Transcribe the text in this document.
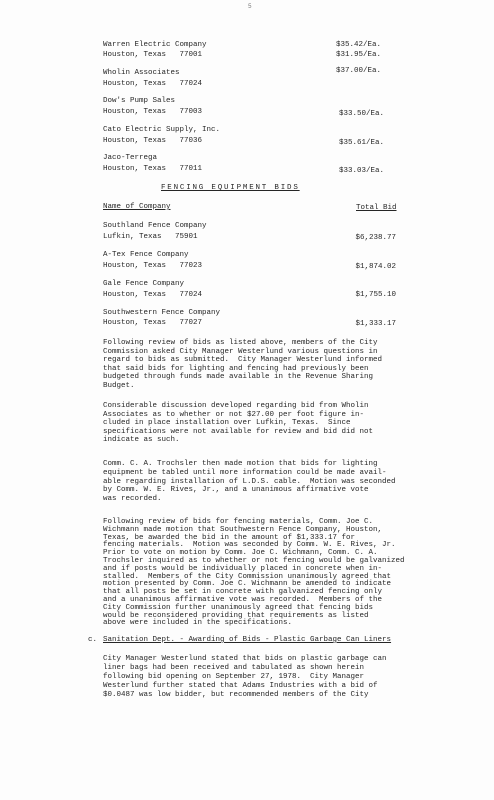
5
Warren Electric Company	$35.42/Ea.
Houston, Texas   77001	$31.95/Ea.
Wholin Associates	$37.00/Ea.
Houston, Texas   77024
Dow's Pump Sales
Houston, Texas   77003	$33.50/Ea.
Cato Electric Supply, Inc.
Houston, Texas   77036	$35.61/Ea.
Jaco-Terrega
Houston, Texas   77011	$33.03/Ea.
FENCING EQUIPMENT BIDS
Name of Company	Total Bid
Southland Fence Company
Lufkin, Texas   75901	$6,238.77
A-Tex Fence Company
Houston, Texas   77023	$1,874.02
Gale Fence Company
Houston, Texas   77024	$1,755.10
Southwestern Fence Company
Houston, Texas   77027	$1,333.17
Following review of bids as listed above, members of the City
Commission asked City Manager Westerlund various questions in
regard to bids as submitted.  City Manager Westerlund informed
that said bids for lighting and fencing had previously been
budgeted through funds made available in the Revenue Sharing
Budget.
Considerable discussion developed regarding bid from Wholin
Associates as to whether or not $27.00 per foot figure in-
cluded in place installation over Lufkin, Texas.  Since
specifications were not available for review and bid did not
indicate as such.
Comm. C. A. Trochsler then made motion that bids for lighting
equipment be tabled until more information could be made avail-
able regarding installation of L.D.S. cable.  Motion was seconded
by Comm. W. E. Rives, Jr., and a unanimous affirmative vote
was recorded.
Following review of bids for fencing materials, Comm. Joe C.
Wichmann made motion that Southwestern Fence Company, Houston,
Texas, be awarded the bid in the amount of $1,333.17 for
fencing materials.  Motion was seconded by Comm. W. E. Rives, Jr.
Prior to vote on motion by Comm. Joe C. Wichmann, Comm. C. A.
Trochsler inquired as to whether or not fencing would be galvanized
and if posts would be individually placed in concrete when in-
stalled.  Members of the City Commission unanimously agreed that
motion presented by Comm. Joe C. Wichmann be amended to indicate
that all posts be set in concrete with galvanized fencing only
and a unanimous affirmative vote was recorded.  Members of the
City Commission further unanimously agreed that fencing bids
would be reconsidered providing that requirements as listed
above were included in the specifications.
c. Sanitation Dept. - Awarding of Bids - Plastic Garbage Can Liners
City Manager Westerlund stated that bids on plastic garbage can
liner bags had been received and tabulated as shown herein
following bid opening on September 27, 1978.  City Manager
Westerlund further stated that Adams Industries with a bid of
$0.0487 was low bidder, but recommended members of the City
